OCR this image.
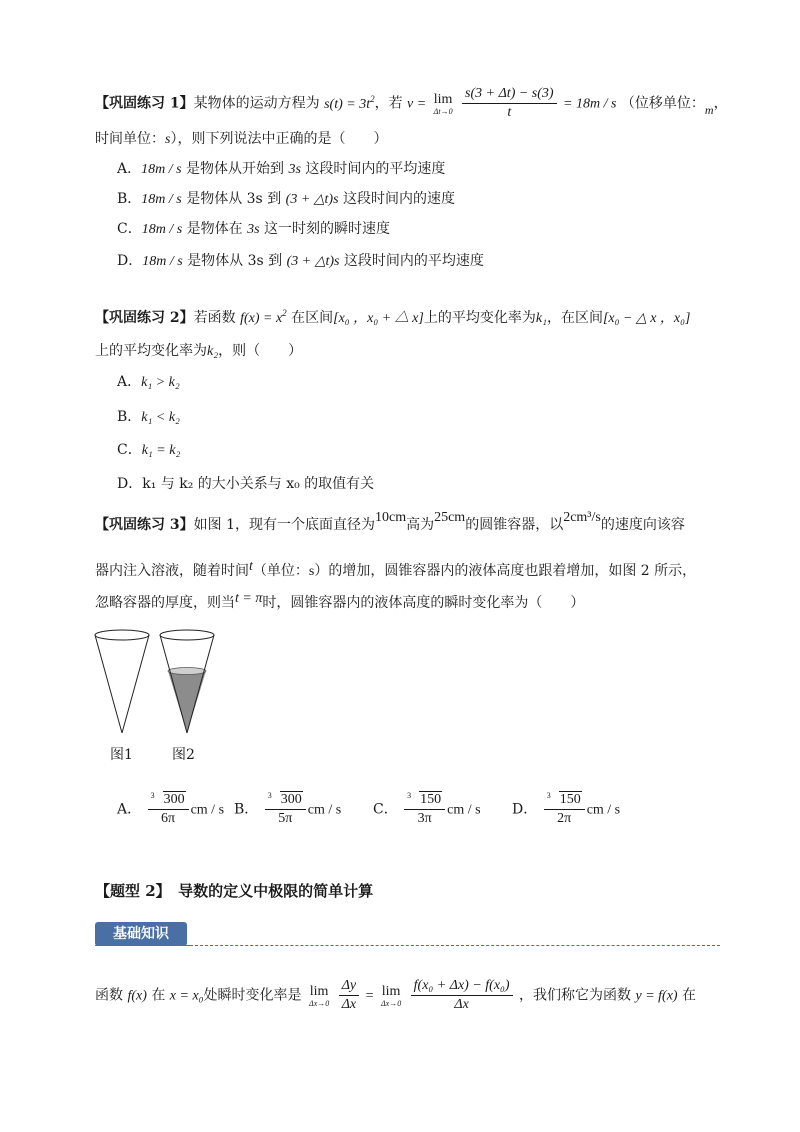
【巩固练习 1】某物体的运动方程为 $s(t) = 3t^2$，若 v = lim
Δt→0
$\frac{s(3 + \Delta t) - s(3)}{t} = 18m / s$ （位移单位：m，
时间单位：s），则下列说法中正确的是（　　）
A．18m / s 是物体从开始到 3s 这段时间内的平均速度
B．18m / s 是物体从 3s 到 (3 + △t)s 这段时间内的速度
C．18m / s 是物体在 3s 这一时刻的瞬时速度
D．18m / s 是物体从 3s 到 (3 + △t)s 这段时间内的平均速度
【巩固练习 2】若函数 $f(x) = x^2$ 在区间[x₀ ，x₀ + △ x]上的平均变化率为k₁，在区间[x₀ − △ x ，x₀]
上的平均变化率为k₂，则（　　）
A．k₁ > k₂
B．k₁ < k₂
C．k₁ = k₂
D．k₁ 与 k₂ 的大小关系与 x₀ 的取值有关
【巩固练习 3】如图 1，现有一个底面直径为10cm高为25cm的圆锥容器，以2cm³/s的速度向该容
器内注入溶液，随着时间t（单位：s）的增加，圆锥容器内的液体高度也跟着增加，如图 2 所示，
忽略容器的厚度，则当t = π时，圆锥容器内的液体高度的瞬时变化率为（　　）
图1	图2
A． $\frac{3 300}{6\pi}$ cm / s B． $\frac{3 300}{5\pi}$ cm / s C． $\frac{3 150}{3\pi}$ cm / s D． $\frac{3 150}{2\pi}$ cm / s
【题型 2】　导数的定义中极限的简单计算
基础知识
函数 f(x) 在 x = x₀处瞬时变化率是 lim
Δx→0
$\frac{\Delta y}{\Delta x} = \lim$
Δx→0
$\frac{\text{f(x₀ + Δx) − f(x₀)}}{\Delta x}$ ，我们称它为函数 y = f(x) 在
